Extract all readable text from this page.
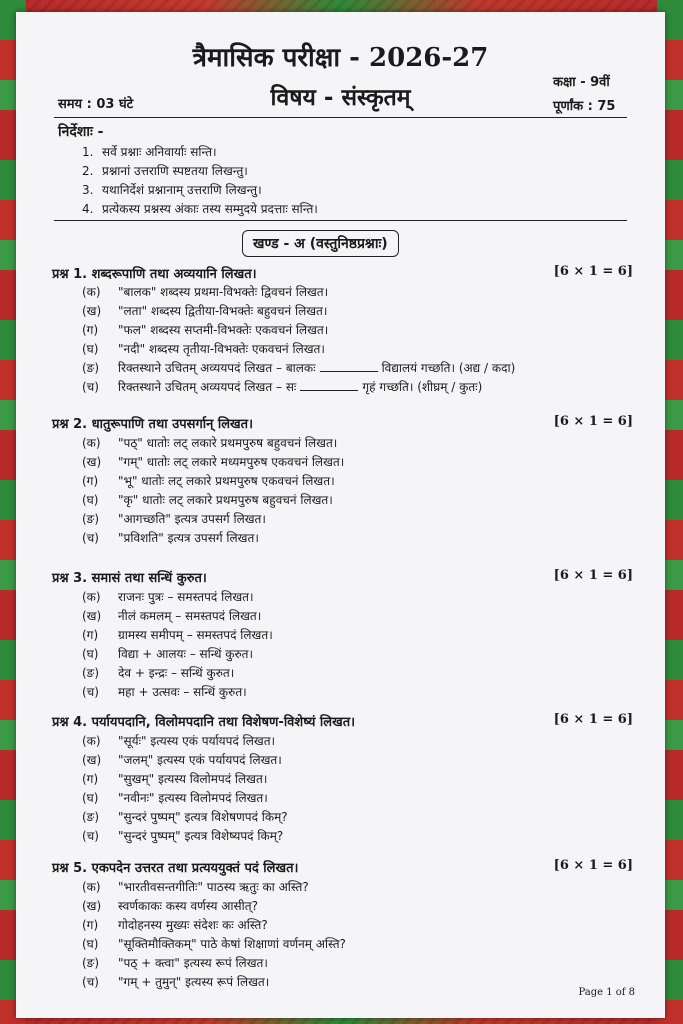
त्रैमासिक परीक्षा - 2026-27
विषय - संस्कृतम्
समय : 03 घंटे
कक्षा - 9वीं
पूर्णांक : 75
निर्देशाः -
1. सर्वे प्रश्नाः अनिवार्याः सन्ति।
2. प्रश्नानां उत्तराणि स्पष्टतया लिखन्तु।
3. यथानिर्देशं प्रश्नानाम् उत्तराणि लिखन्तु।
4. प्रत्येकस्य प्रश्नस्य अंकाः तस्य सम्मुदये प्रदत्ताः सन्ति।
खण्ड - अ (वस्तुनिष्ठप्रश्नाः)
प्रश्न 1. शब्दरूपाणि तथा अव्ययानि लिखत।	[6 × 1 = 6]
(क) "बालक" शब्दस्य प्रथमा-विभक्तेः द्विवचनं लिखत।
(ख) "लता" शब्दस्य द्वितीया-विभक्तेः बहुवचनं लिखत।
(ग) "फल" शब्दस्य सप्तमी-विभक्तेः एकवचनं लिखत।
(घ) "नदी" शब्दस्य तृतीया-विभक्तेः एकवचनं लिखत।
(ङ) रिक्तस्थाने उचितम् अव्ययपदं लिखत – बालकः	विद्यालयं गच्छति। (अद्य / कदा)
(च) रिक्तस्थाने उचितम् अव्ययपदं लिखत – सः	गृहं गच्छति। (शीघ्रम् / कुतः)
प्रश्न 2. धातुरूपाणि तथा उपसर्गान् लिखत।	[6 × 1 = 6]
(क) "पठ्" धातोः लट् लकारे प्रथमपुरुष बहुवचनं लिखत।
(ख) "गम्" धातोः लट् लकारे मध्यमपुरुष एकवचनं लिखत।
(ग) "भू" धातोः लट् लकारे प्रथमपुरुष एकवचनं लिखत।
(घ) "कृ" धातोः लट् लकारे प्रथमपुरुष बहुवचनं लिखत।
(ङ) "आगच्छति" इत्यत्र उपसर्ग लिखत।
(च) "प्रविशति" इत्यत्र उपसर्ग लिखत।
प्रश्न 3. समासं तथा सन्धिं कुरुत।	[6 × 1 = 6]
(क) राजनः पुत्रः – समस्तपदं लिखत।
(ख) नीलं कमलम् – समस्तपदं लिखत।
(ग) ग्रामस्य समीपम् – समस्तपदं लिखत।
(घ) विद्या + आलयः – सन्धिं कुरुत।
(ङ) देव + इन्द्रः – सन्धिं कुरुत।
(च) महा + उत्सवः – सन्धिं कुरुत।
प्रश्न 4. पर्यायपदानि, विलोमपदानि तथा विशेषण-विशेष्यं लिखत।	[6 × 1 = 6]
(क) "सूर्यः" इत्यस्य एकं पर्यायपदं लिखत।
(ख) "जलम्" इत्यस्य एकं पर्यायपदं लिखत।
(ग) "सुखम्" इत्यस्य विलोमपदं लिखत।
(घ) "नवीनः" इत्यस्य विलोमपदं लिखत।
(ङ) "सुन्दरं पुष्पम्" इत्यत्र विशेषणपदं किम्?
(च) "सुन्दरं पुष्पम्" इत्यत्र विशेष्यपदं किम्?
प्रश्न 5. एकपदेन उत्तरत तथा प्रत्यययुक्तं पदं लिखत।	[6 × 1 = 6]
(क) "भारतीवसन्तगीतिः" पाठस्य ऋतुः का अस्ति?
(ख) स्वर्णकाकः कस्य वर्णस्य आसीत्?
(ग) गोदोहनस्य मुख्यः संदेशः कः अस्ति?
(घ) "सूक्तिमौक्तिकम्" पाठे केषां शिक्षाणां वर्णनम् अस्ति?
(ङ) "पठ् + क्त्वा" इत्यस्य रूपं लिखत।
(च) "गम् + तुमुन्" इत्यस्य रूपं लिखत।
Page 1 of 8
